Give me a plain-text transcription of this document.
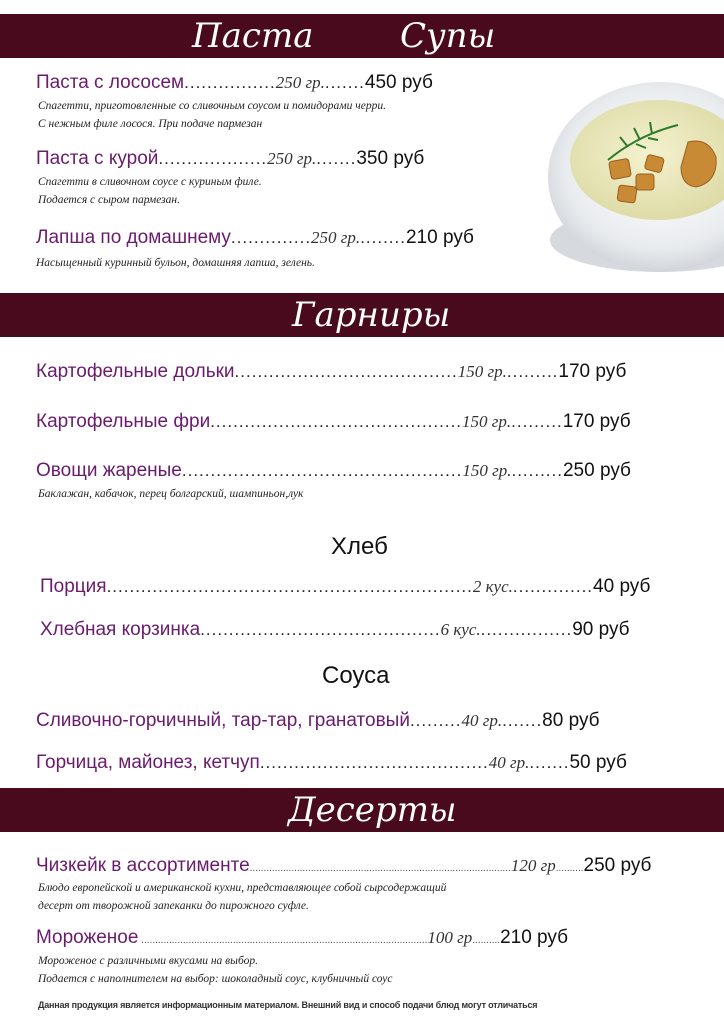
Паста	Супы
Паста с лососем................250 гр........450 руб
Спагетти, приготовленные со сливочным соусом и помидорами черри.
С нежным филе лосося. При подаче пармезан
Паста с курой...................250 гр........350 руб
Спагетти в сливочном соусе с куриным филе.
Подается с сыром пармезан.
Лапша по домашнему..............250 гр.........210 руб
Насыщенный куринный бульон, домашняя лапша, зелень.
Гарниры
Картофельные дольки.......................................150 гр..........170 руб
Картофельные фри............................................150 гр..........170 руб
Овощи жареные.................................................150 гр..........250 руб
Баклажан, кабачок, перец болгарский, шампиньон,лук
Хлеб
Порция................................................................2 кус...............40 руб
Хлебная корзинка..........................................6 кус.................90 руб
Соуса
Сливочно-горчичный, тар-тар, гранатовый.........40 гр........80 руб
Горчица, майонез, кетчуп........................................40 гр........50 руб
Десерты
Чизкейк в ассортименте..............................................................................................120 гр..........250 руб
Блюдо европейской и американской кухни, представляющее собой сырсодержащий
десерт от творожной запеканки до пирожного суфле.
Мороженое .......................................................................................................100 гр..........210 руб
Мороженое с различными вкусами на выбор.
Подается с наполнителем на выбор: шоколадный соус, клубничный соус
Данная продукция является информационным материалом. Внешний вид и способ подачи блюд могут отличаться
